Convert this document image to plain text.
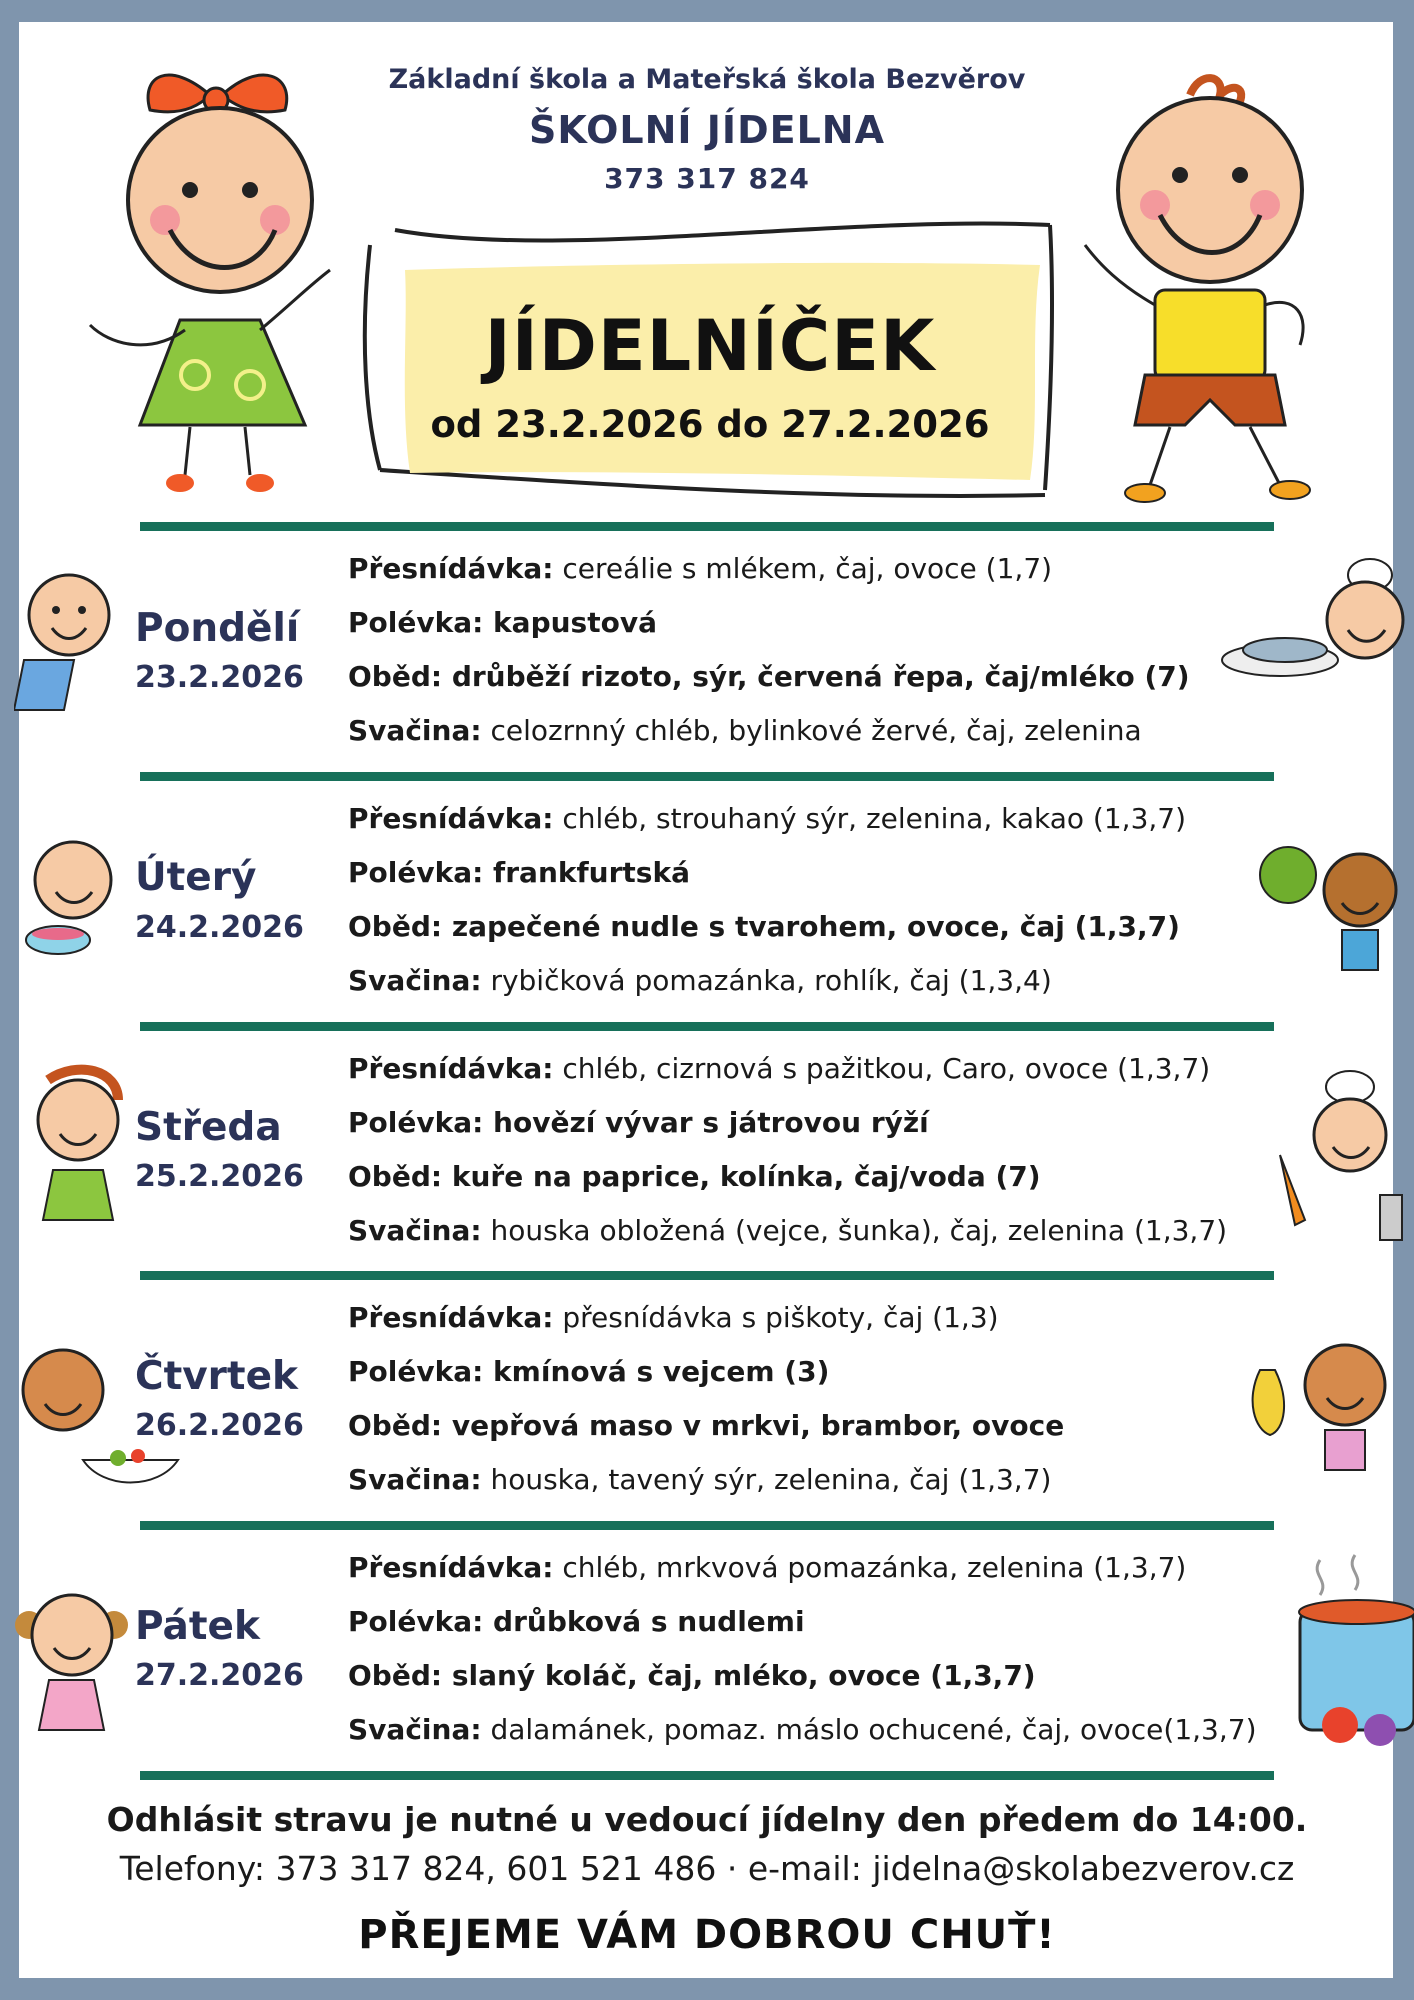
Základní škola a Mateřská škola Bezvěrov
ŠKOLNÍ JÍDELNA
373 317 824
JÍDELNÍČEK
od 23.2.2026 do 27.2.2026
Pondělí
23.2.2026
Přesnídávka: cereálie s mlékem, čaj, ovoce (1,7)
Polévka: kapustová
Oběd: drůběží rizoto, sýr, červená řepa, čaj/mléko (7)
Svačina: celozrnný chléb, bylinkové žervé, čaj, zelenina
Úterý
24.2.2026
Přesnídávka: chléb, strouhaný sýr, zelenina, kakao (1,3,7)
Polévka: frankfurtská
Oběd: zapečené nudle s tvarohem, ovoce, čaj (1,3,7)
Svačina: rybičková pomazánka, rohlík, čaj (1,3,4)
Středa
25.2.2026
Přesnídávka: chléb, cizrnová s pažitkou, Caro, ovoce (1,3,7)
Polévka: hovězí vývar s játrovou rýží
Oběd: kuře na paprice, kolínka, čaj/voda (7)
Svačina: houska obložená (vejce, šunka), čaj, zelenina (1,3,7)
Čtvrtek
26.2.2026
Přesnídávka: přesnídávka s piškoty, čaj (1,3)
Polévka: kmínová s vejcem (3)
Oběd: vepřová maso v mrkvi, brambor, ovoce
Svačina: houska, tavený sýr, zelenina, čaj (1,3,7)
Pátek
27.2.2026
Přesnídávka: chléb, mrkvová pomazánka, zelenina (1,3,7)
Polévka: drůbková s nudlemi
Oběd: slaný koláč, čaj, mléko, ovoce (1,3,7)
Svačina: dalamánek, pomaz. máslo ochucené, čaj, ovoce(1,3,7)
Odhlásit stravu je nutné u vedoucí jídelny den předem do 14:00.
Telefony: 373 317 824, 601 521 486 · e-mail: jidelna@skolabezverov.cz
PŘEJEME VÁM DOBROU CHUŤ!
